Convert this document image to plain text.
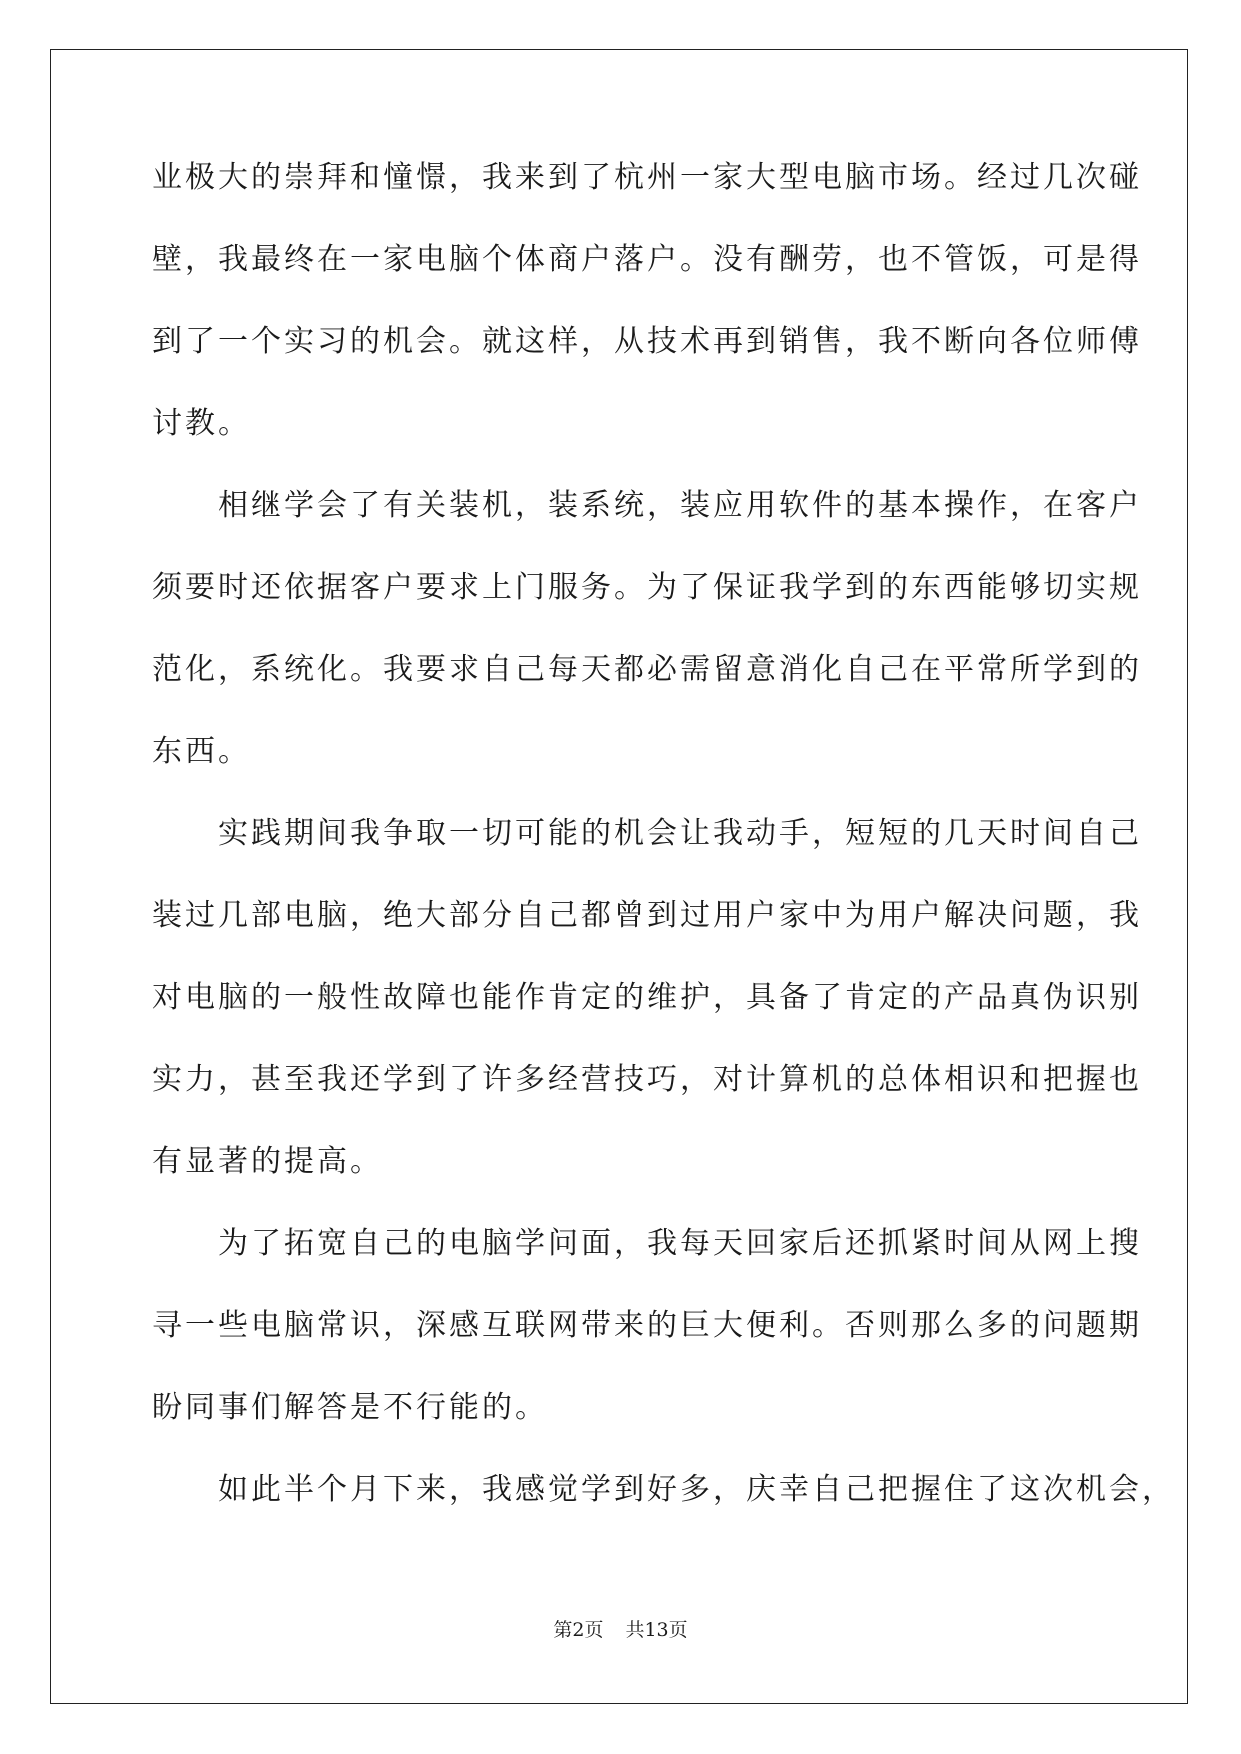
业极大的崇拜和憧憬，我来到了杭州一家大型电脑市场。经过几次碰
壁，我最终在一家电脑个体商户落户。没有酬劳，也不管饭，可是得
到了一个实习的机会。就这样，从技术再到销售，我不断向各位师傅
讨教。
　　相继学会了有关装机，装系统，装应用软件的基本操作，在客户
须要时还依据客户要求上门服务。为了保证我学到的东西能够切实规
范化，系统化。我要求自己每天都必需留意消化自己在平常所学到的
东西。
　　实践期间我争取一切可能的机会让我动手，短短的几天时间自己
装过几部电脑，绝大部分自己都曾到过用户家中为用户解决问题，我
对电脑的一般性故障也能作肯定的维护，具备了肯定的产品真伪识别
实力，甚至我还学到了许多经营技巧，对计算机的总体相识和把握也
有显著的提高。
　　为了拓宽自己的电脑学问面，我每天回家后还抓紧时间从网上搜
寻一些电脑常识，深感互联网带来的巨大便利。否则那么多的问题期
盼同事们解答是不行能的。
　　如此半个月下来，我感觉学到好多，庆幸自己把握住了这次机会，
第2页 共13页
